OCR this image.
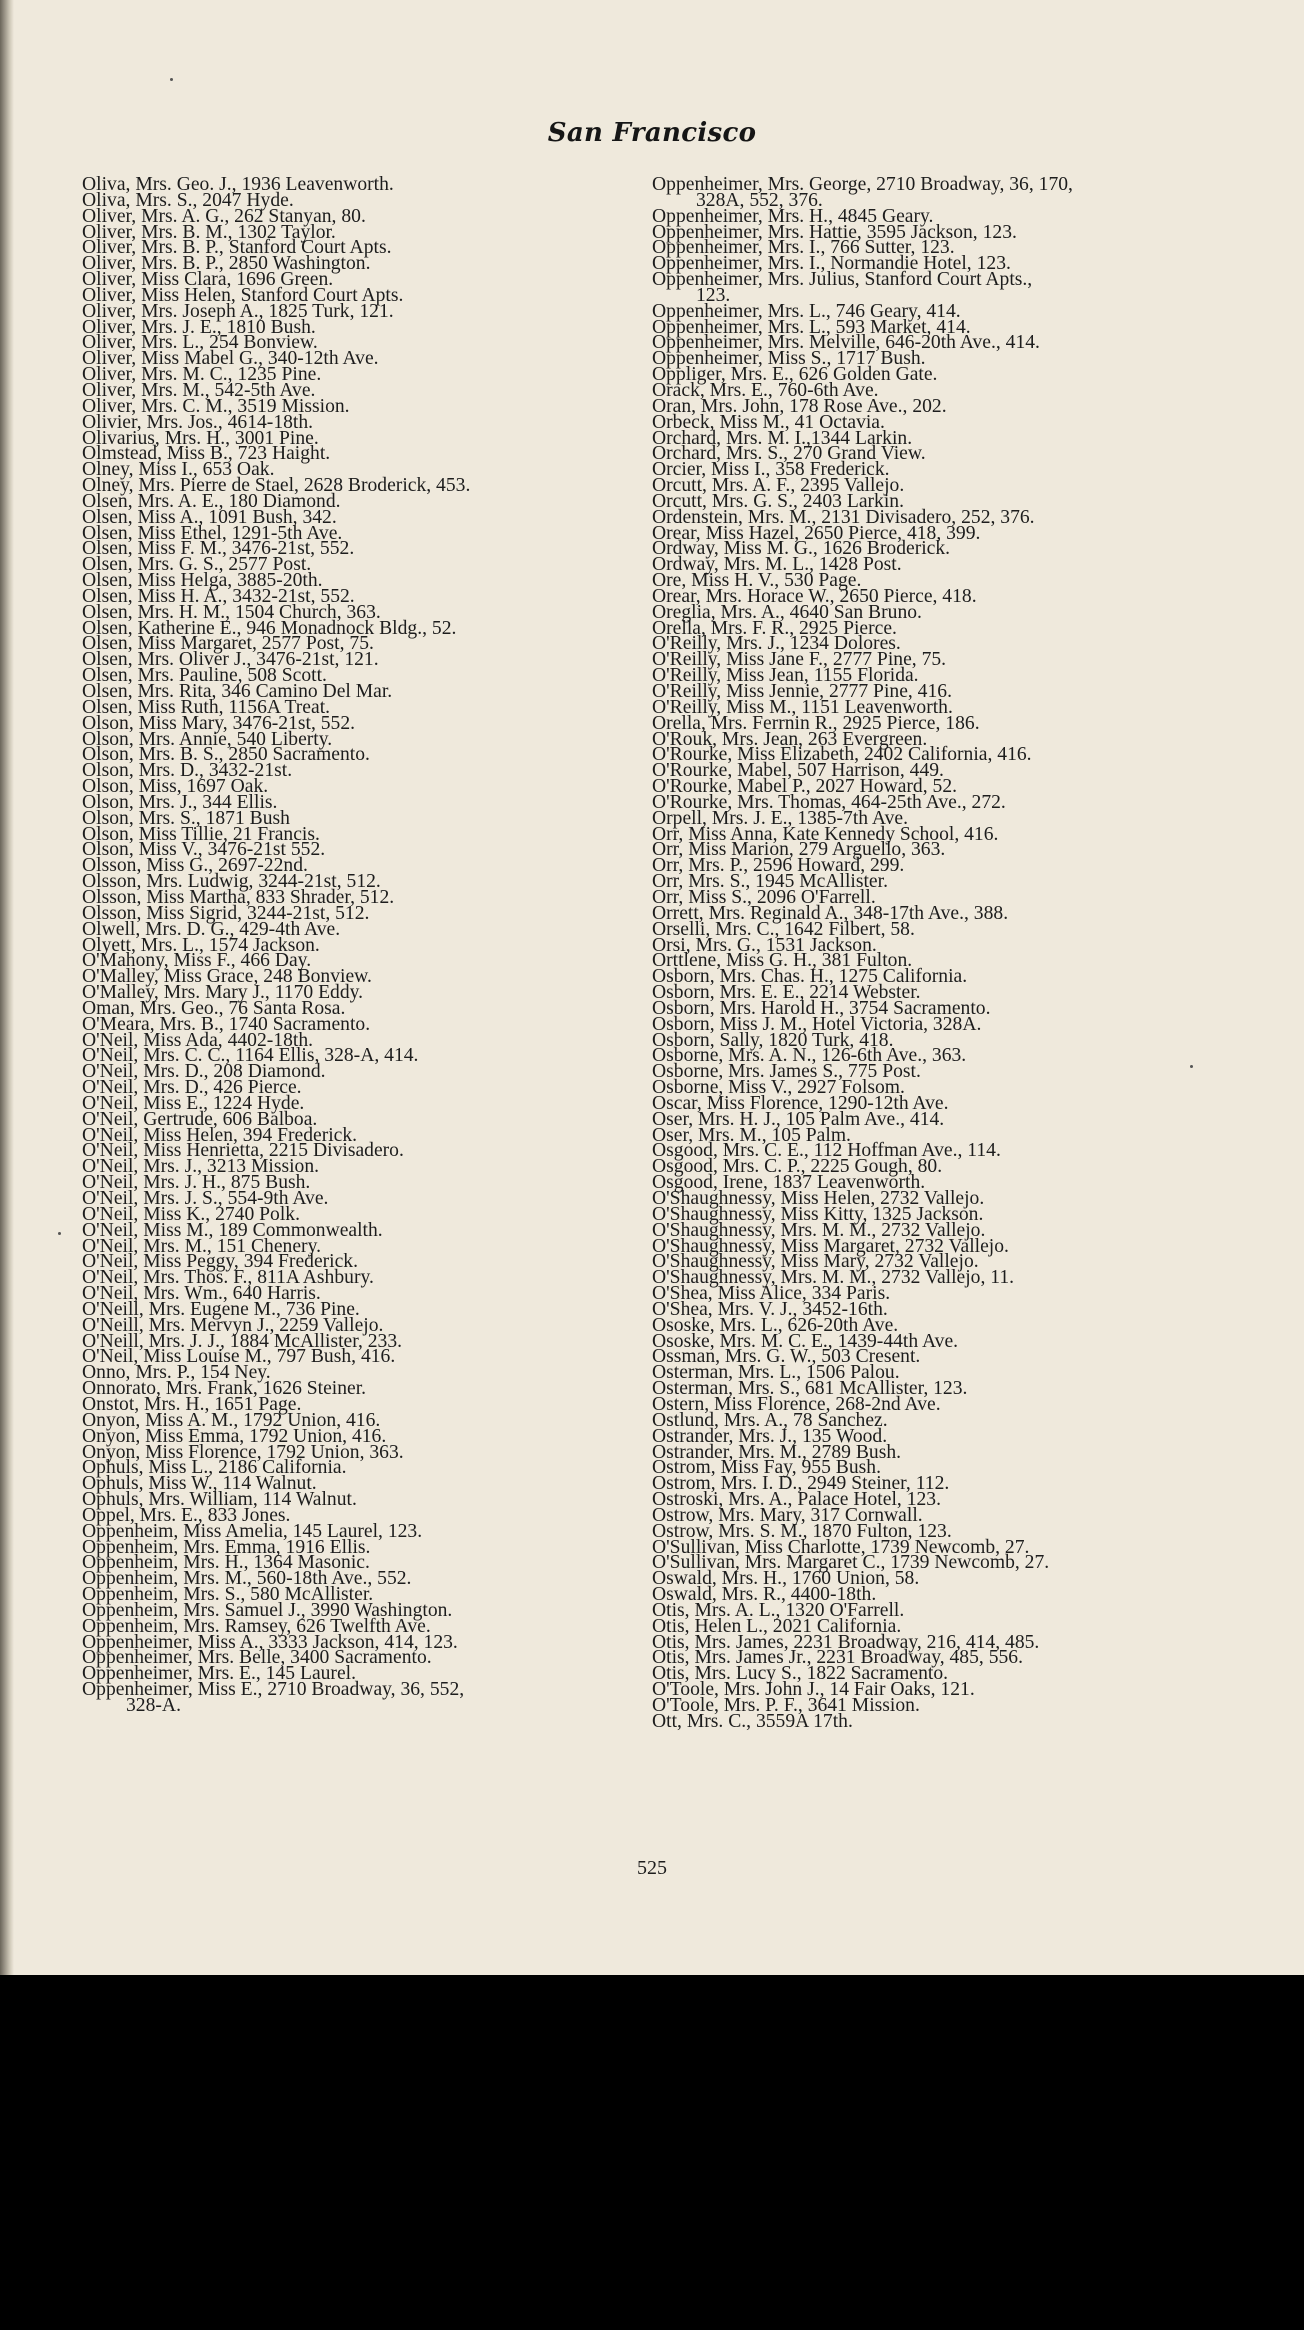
San Francisco
Oliva, Mrs. Geo. J., 1936 Leavenworth.
Oliva, Mrs. S., 2047 Hyde.
Oliver, Mrs. A. G., 262 Stanyan, 80.
Oliver, Mrs. B. M., 1302 Taylor.
Oliver, Mrs. B. P., Stanford Court Apts.
Oliver, Mrs. B. P., 2850 Washington.
Oliver, Miss Clara, 1696 Green.
Oliver, Miss Helen, Stanford Court Apts.
Oliver, Mrs. Joseph A., 1825 Turk, 121.
Oliver, Mrs. J. E., 1810 Bush.
Oliver, Mrs. L., 254 Bonview.
Oliver, Miss Mabel G., 340-12th Ave.
Oliver, Mrs. M. C., 1235 Pine.
Oliver, Mrs. M., 542-5th Ave.
Oliver, Mrs. C. M., 3519 Mission.
Olivier, Mrs. Jos., 4614-18th.
Olivarius, Mrs. H., 3001 Pine.
Olmstead, Miss B., 723 Haight.
Olney, Miss I., 653 Oak.
Olney, Mrs. Pierre de Stael, 2628 Broderick, 453.
Olsen, Mrs. A. E., 180 Diamond.
Olsen, Miss A., 1091 Bush, 342.
Olsen, Miss Ethel, 1291-5th Ave.
Olsen, Miss F. M., 3476-21st, 552.
Olsen, Mrs. G. S., 2577 Post.
Olsen, Miss Helga, 3885-20th.
Olsen, Miss H. A., 3432-21st, 552.
Olsen, Mrs. H. M., 1504 Church, 363.
Olsen, Katherine E., 946 Monadnock Bldg., 52.
Olsen, Miss Margaret, 2577 Post, 75.
Olsen, Mrs. Oliver J., 3476-21st, 121.
Olsen, Mrs. Pauline, 508 Scott.
Olsen, Mrs. Rita, 346 Camino Del Mar.
Olsen, Miss Ruth, 1156A Treat.
Olson, Miss Mary, 3476-21st, 552.
Olson, Mrs. Annie, 540 Liberty.
Olson, Mrs. B. S., 2850 Sacramento.
Olson, Mrs. D., 3432-21st.
Olson, Miss, 1697 Oak.
Olson, Mrs. J., 344 Ellis.
Olson, Mrs. S., 1871 Bush
Olson, Miss Tillie, 21 Francis.
Olson, Miss V., 3476-21st 552.
Olsson, Miss G., 2697-22nd.
Olsson, Mrs. Ludwig, 3244-21st, 512.
Olsson, Miss Martha, 833 Shrader, 512.
Olsson, Miss Sigrid, 3244-21st, 512.
Olwell, Mrs. D. G., 429-4th Ave.
Olyett, Mrs. L., 1574 Jackson.
O'Mahony, Miss F., 466 Day.
O'Malley, Miss Grace, 248 Bonview.
O'Malley, Mrs. Mary J., 1170 Eddy.
Oman, Mrs. Geo., 76 Santa Rosa.
O'Meara, Mrs. B., 1740 Sacramento.
O'Neil, Miss Ada, 4402-18th.
O'Neil, Mrs. C. C., 1164 Ellis, 328-A, 414.
O'Neil, Mrs. D., 208 Diamond.
O'Neil, Mrs. D., 426 Pierce.
O'Neil, Miss E., 1224 Hyde.
O'Neil, Gertrude, 606 Balboa.
O'Neil, Miss Helen, 394 Frederick.
O'Neil, Miss Henrietta, 2215 Divisadero.
O'Neil, Mrs. J., 3213 Mission.
O'Neil, Mrs. J. H., 875 Bush.
O'Neil, Mrs. J. S., 554-9th Ave.
O'Neil, Miss K., 2740 Polk.
O'Neil, Miss M., 189 Commonwealth.
O'Neil, Mrs. M., 151 Chenery.
O'Neil, Miss Peggy, 394 Frederick.
O'Neil, Mrs. Thos. F., 811A Ashbury.
O'Neil, Mrs. Wm., 640 Harris.
O'Neill, Mrs. Eugene M., 736 Pine.
O'Neill, Mrs. Mervyn J., 2259 Vallejo.
O'Neill, Mrs. J. J., 1884 McAllister, 233.
O'Neil, Miss Louise M., 797 Bush, 416.
Onno, Mrs. P., 154 Ney.
Onnorato, Mrs. Frank, 1626 Steiner.
Onstot, Mrs. H., 1651 Page.
Onyon, Miss A. M., 1792 Union, 416.
Onyon, Miss Emma, 1792 Union, 416.
Onyon, Miss Florence, 1792 Union, 363.
Ophuls, Miss L., 2186 California.
Ophuls, Miss W., 114 Walnut.
Ophuls, Mrs. William, 114 Walnut.
Oppel, Mrs. E., 833 Jones.
Oppenheim, Miss Amelia, 145 Laurel, 123.
Oppenheim, Mrs. Emma, 1916 Ellis.
Oppenheim, Mrs. H., 1364 Masonic.
Oppenheim, Mrs. M., 560-18th Ave., 552.
Oppenheim, Mrs. S., 580 McAllister.
Oppenheim, Mrs. Samuel J., 3990 Washington.
Oppenheim, Mrs. Ramsey, 626 Twelfth Ave.
Oppenheimer, Miss A., 3333 Jackson, 414, 123.
Oppenheimer, Mrs. Belle, 3400 Sacramento.
Oppenheimer, Mrs. E., 145 Laurel.
Oppenheimer, Miss E., 2710 Broadway, 36, 552,
328-A.
Oppenheimer, Mrs. George, 2710 Broadway, 36, 170,
328A, 552, 376.
Oppenheimer, Mrs. H., 4845 Geary.
Oppenheimer, Mrs. Hattie, 3595 Jackson, 123.
Oppenheimer, Mrs. I., 766 Sutter, 123.
Oppenheimer, Mrs. I., Normandie Hotel, 123.
Oppenheimer, Mrs. Julius, Stanford Court Apts.,
123.
Oppenheimer, Mrs. L., 746 Geary, 414.
Oppenheimer, Mrs. L., 593 Market, 414.
Oppenheimer, Mrs. Melville, 646-20th Ave., 414.
Oppenheimer, Miss S., 1717 Bush.
Oppliger, Mrs. E., 626 Golden Gate.
Orack, Mrs. E., 760-6th Ave.
Oran, Mrs. John, 178 Rose Ave., 202.
Orbeck, Miss M., 41 Octavia.
Orchard, Mrs. M. I.,1344 Larkin.
Orchard, Mrs. S., 270 Grand View.
Orcier, Miss I., 358 Frederick.
Orcutt, Mrs. A. F., 2395 Vallejo.
Orcutt, Mrs. G. S., 2403 Larkin.
Ordenstein, Mrs. M., 2131 Divisadero, 252, 376.
Orear, Miss Hazel, 2650 Pierce, 418, 399.
Ordway, Miss M. G., 1626 Broderick.
Ordway, Mrs. M. L., 1428 Post.
Ore, Miss H. V., 530 Page.
Orear, Mrs. Horace W., 2650 Pierce, 418.
Oreglia, Mrs. A., 4640 San Bruno.
Orella, Mrs. F. R., 2925 Pierce.
O'Reilly, Mrs. J., 1234 Dolores.
O'Reilly, Miss Jane F., 2777 Pine, 75.
O'Reilly, Miss Jean, 1155 Florida.
O'Reilly, Miss Jennie, 2777 Pine, 416.
O'Reilly, Miss M., 1151 Leavenworth.
Orella, Mrs. Ferrnin R., 2925 Pierce, 186.
O'Rouk, Mrs. Jean, 263 Evergreen.
O'Rourke, Miss Elizabeth, 2402 California, 416.
O'Rourke, Mabel, 507 Harrison, 449.
O'Rourke, Mabel P., 2027 Howard, 52.
O'Rourke, Mrs. Thomas, 464-25th Ave., 272.
Orpell, Mrs. J. E., 1385-7th Ave.
Orr, Miss Anna, Kate Kennedy School, 416.
Orr, Miss Marion, 279 Arguello, 363.
Orr, Mrs. P., 2596 Howard, 299.
Orr, Mrs. S., 1945 McAllister.
Orr, Miss S., 2096 O'Farrell.
Orrett, Mrs. Reginald A., 348-17th Ave., 388.
Orselli, Mrs. C., 1642 Filbert, 58.
Orsi, Mrs. G., 1531 Jackson.
Orttlene, Miss G. H., 381 Fulton.
Osborn, Mrs. Chas. H., 1275 California.
Osborn, Mrs. E. E., 2214 Webster.
Osborn, Mrs. Harold H., 3754 Sacramento.
Osborn, Miss J. M., Hotel Victoria, 328A.
Osborn, Sally, 1820 Turk, 418.
Osborne, Mrs. A. N., 126-6th Ave., 363.
Osborne, Mrs. James S., 775 Post.
Osborne, Miss V., 2927 Folsom.
Oscar, Miss Florence, 1290-12th Ave.
Oser, Mrs. H. J., 105 Palm Ave., 414.
Oser, Mrs. M., 105 Palm.
Osgood, Mrs. C. E., 112 Hoffman Ave., 114.
Osgood, Mrs. C. P., 2225 Gough, 80.
Osgood, Irene, 1837 Leavenworth.
O'Shaughnessy, Miss Helen, 2732 Vallejo.
O'Shaughnessy, Miss Kitty, 1325 Jackson.
O'Shaughnessy, Mrs. M. M., 2732 Vallejo.
O'Shaughnessy, Miss Margaret, 2732 Vallejo.
O'Shaughnessy, Miss Mary, 2732 Vallejo.
O'Shaughnessy, Mrs. M. M., 2732 Vallejo, 11.
O'Shea, Miss Alice, 334 Paris.
O'Shea, Mrs. V. J., 3452-16th.
Ososke, Mrs. L., 626-20th Ave.
Ososke, Mrs. M. C. E., 1439-44th Ave.
Ossman, Mrs. G. W., 503 Cresent.
Osterman, Mrs. L., 1506 Palou.
Osterman, Mrs. S., 681 McAllister, 123.
Ostern, Miss Florence, 268-2nd Ave.
Ostlund, Mrs. A., 78 Sanchez.
Ostrander, Mrs. J., 135 Wood.
Ostrander, Mrs. M., 2789 Bush.
Ostrom, Miss Fay, 955 Bush.
Ostrom, Mrs. I. D., 2949 Steiner, 112.
Ostroski, Mrs. A., Palace Hotel, 123.
Ostrow, Mrs. Mary, 317 Cornwall.
Ostrow, Mrs. S. M., 1870 Fulton, 123.
O'Sullivan, Miss Charlotte, 1739 Newcomb, 27.
O'Sullivan, Mrs. Margaret C., 1739 Newcomb, 27.
Oswald, Mrs. H., 1760 Union, 58.
Oswald, Mrs. R., 4400-18th.
Otis, Mrs. A. L., 1320 O'Farrell.
Otis, Helen L., 2021 California.
Otis, Mrs. James, 2231 Broadway, 216, 414, 485.
Otis, Mrs. James Jr., 2231 Broadway, 485, 556.
Otis, Mrs. Lucy S., 1822 Sacramento.
O'Toole, Mrs. John J., 14 Fair Oaks, 121.
O'Toole, Mrs. P. F., 3641 Mission.
Ott, Mrs. C., 3559A 17th.
525
